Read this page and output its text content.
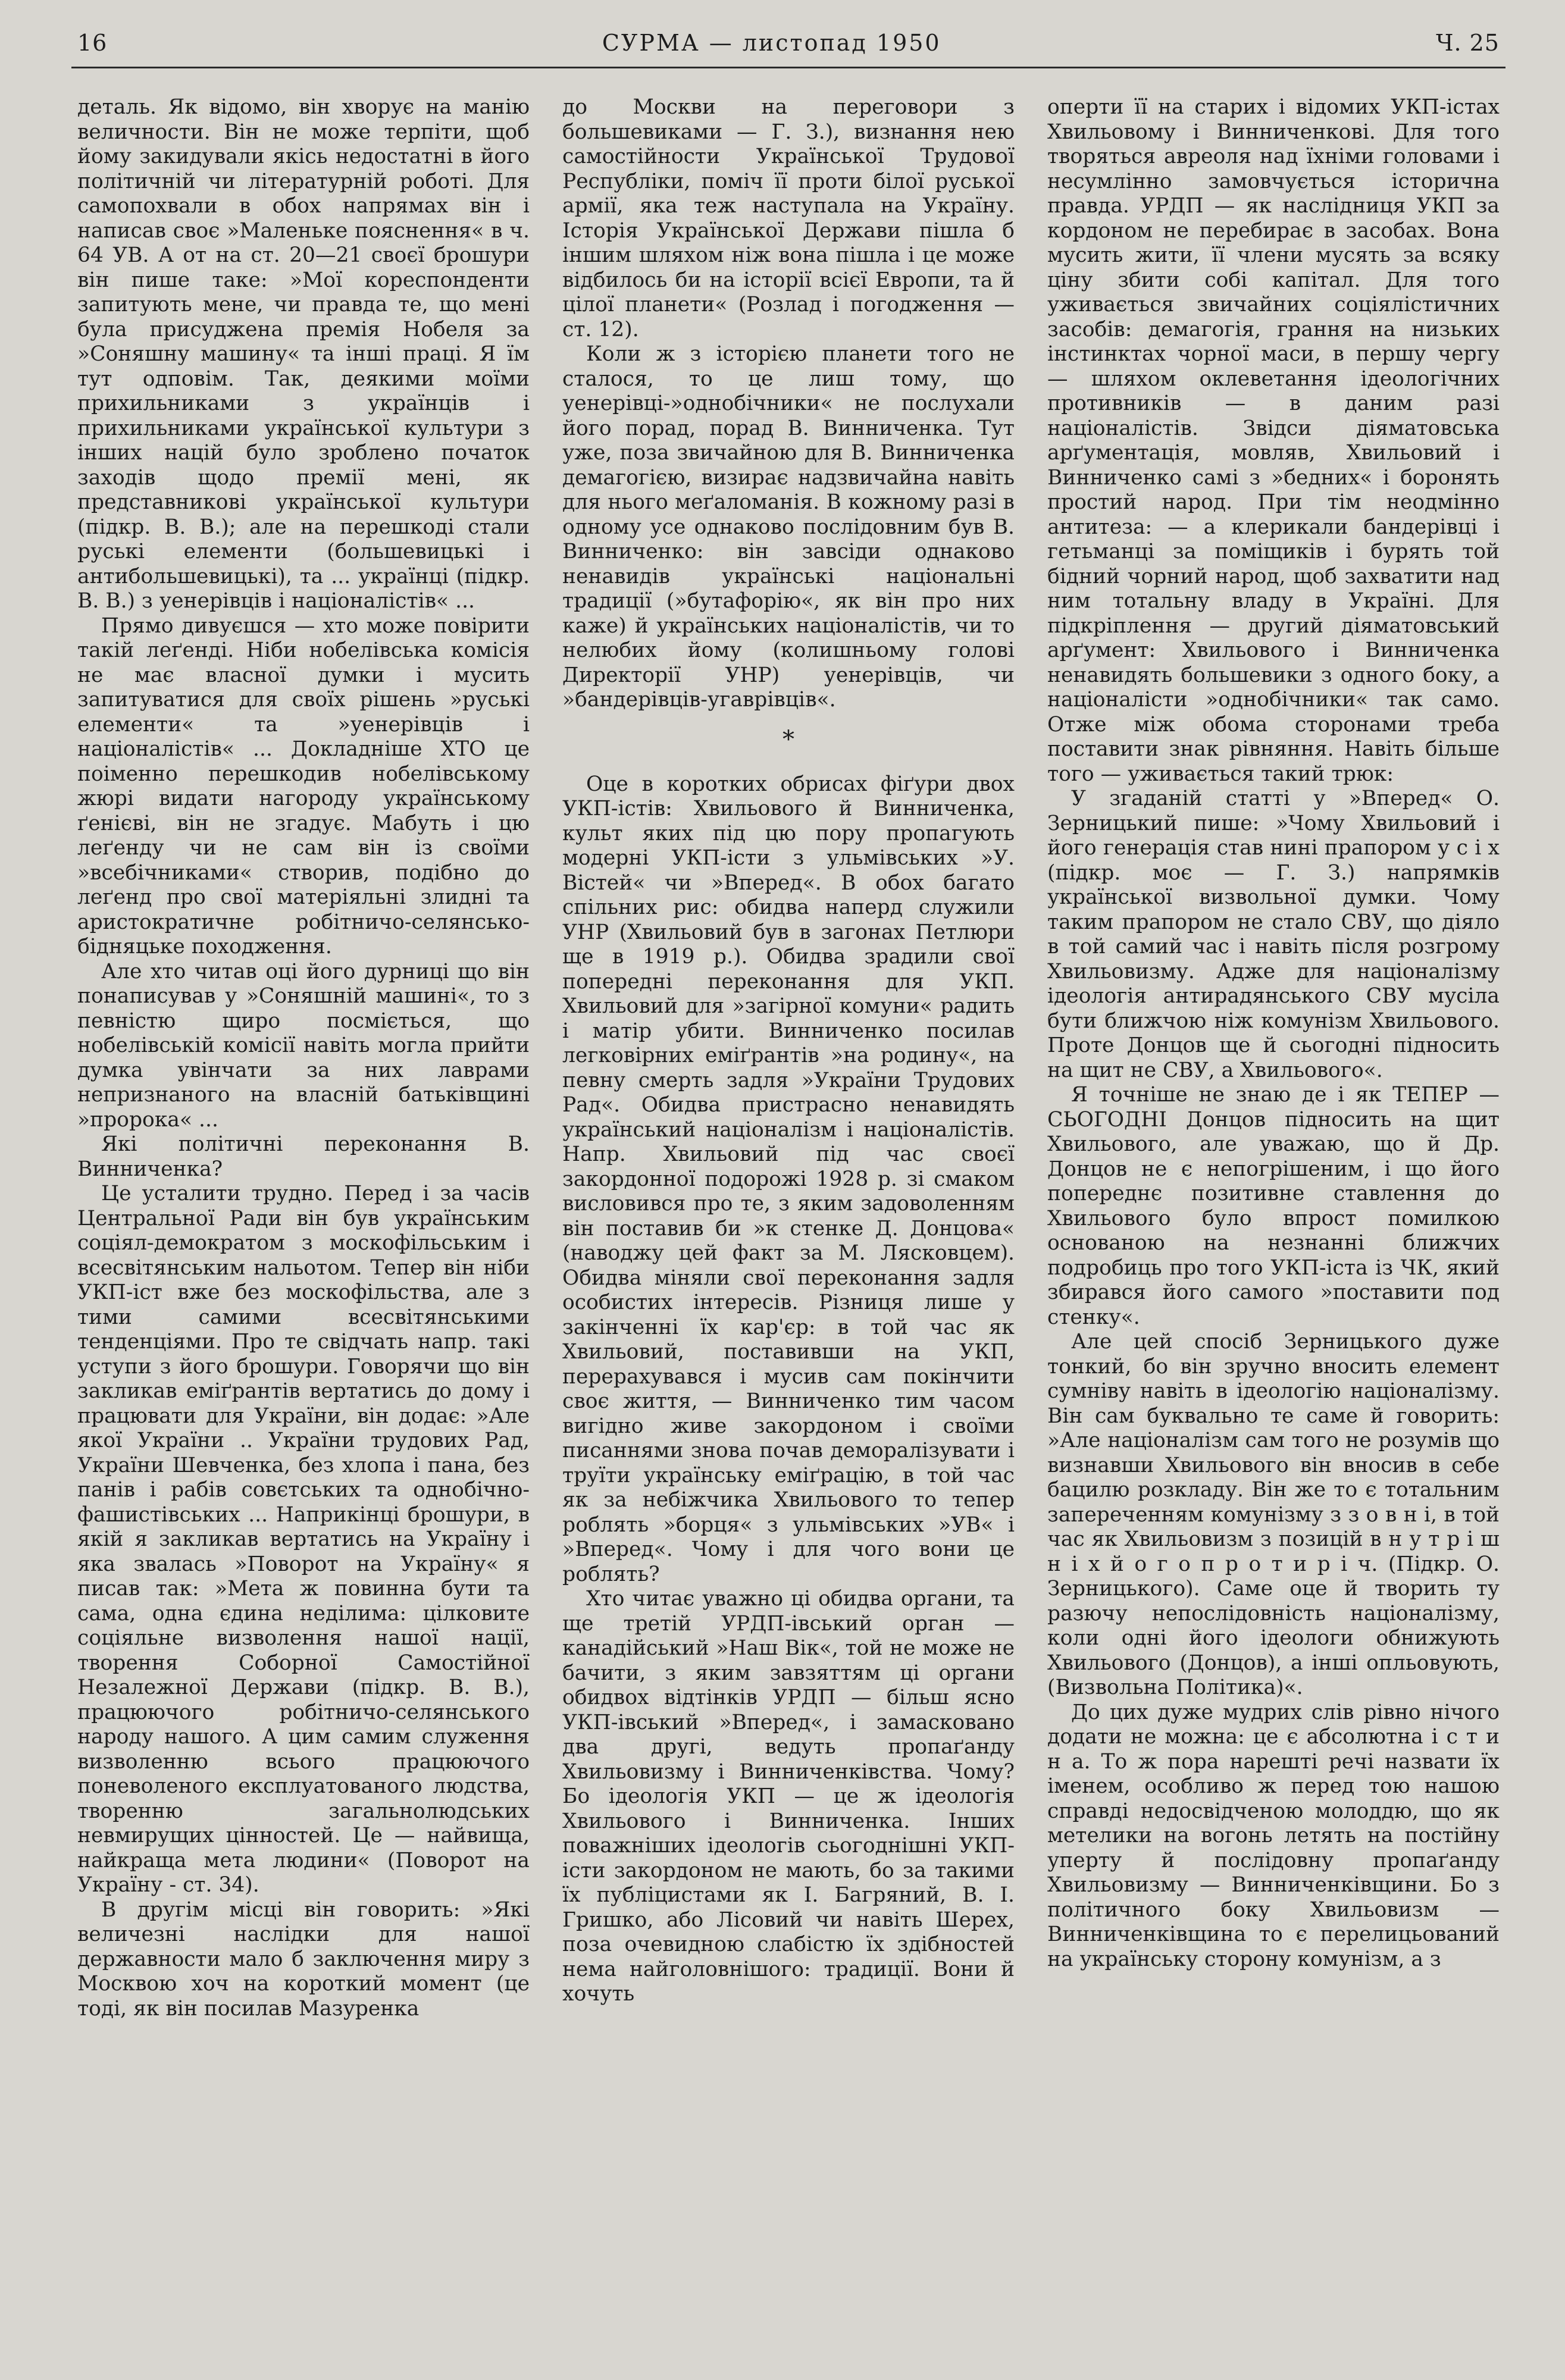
16	СУРМА — листопад 1950	Ч. 25

деталь. Як відомо, він хворує на манію величности. Він не може терпіти, щоб йому закидували якісь недостатні в його політичній чи літературній роботі. Для самопохвали в обох напрямах він і написав своє »Маленьке пояснення« в ч. 64 УВ. А от на ст. 20—21 своєї брошури він пише таке: »Мої кореспонденти запитують мене, чи правда те, що мені була присуджена премія Нобеля за »Соняшну машину« та інші праці. Я їм тут одповім. Так, деякими моїми прихильниками з українців і прихильниками української культури з інших націй було зроблено початок заходів щодо премії мені, як представникові української культури (підкр. В. В.); але на перешкоді стали руські елементи (большевицькі і антибольшевицькі), та ... українці (підкр. В. В.) з уенерівців і націоналістів« ...

Прямо дивуєшся — хто може повірити такій леґенді. Ніби нобелівська комісія не має власної думки і мусить запитуватися для своїх рішень »руські елементи« та »уенерівців і націоналістів« ... Докладніше ХТО це поіменно перешкодив нобелівському жюрі видати нагороду українському ґенієві, він не згадує. Мабуть і цю леґенду чи не сам він із своїми »всебічниками« створив, подібно до леґенд про свої матеріяльні злидні та аристократичне робітничо-селянсько-бідняцьке походження.

Але хто читав оці його дурниці що він понаписував у »Соняшній машині«, то з певністю щиро посміється, що нобелівській комісії навіть могла прийти думка увінчати за них лаврами непризнаного на власній батьківщині »пророка« ...

Які політичні переконання В. Винниченка?

Це усталити трудно. Перед і за часів Центральної Ради він був українським соціял-демократом з москофільським і всесвітянським нальотом. Тепер він ніби УКП-іст вже без москофільства, але з тими самими всесвітянськими тенденціями. Про те свідчать напр. такі уступи з його брошури. Говорячи що він закликав еміґрантів вертатись до дому і працювати для України, він додає: »Але якої України .. України трудових Рад, України Шевченка, без хлопа і пана, без панів і рабів совєтських та однобічно-фашистівських ... Наприкінці брошури, в якій я закликав вертатись на Україну і яка звалась »Поворот на Україну« я писав так: »Мета ж повинна бути та сама, одна єдина неділима: цілковите соціяльне визволення нашої нації, творення Соборної Самостійної Незалежної Держави (підкр. В. В.), працюючого робітничо-селянського народу нашого. А цим самим служення визволенню всього працюючого поневоленого експлуатованого людства, творенню загальнолюдських невмирущих цінностей. Це — найвища, найкраща мета людини« (Поворот на Україну - ст. 34).

В другім місці він говорить: »Які величезні наслідки для нашої державности мало б заключення миру з Москвою хоч на короткий момент (це тоді, як він посилав Мазуренка

до Москви на переговори з большевиками — Г. З.), визнання нею самостійности Української Трудової Республіки, поміч її проти білої руської армії, яка теж наступала на Україну. Історія Української Держави пішла б іншим шляхом ніж вона пішла і це може відбилось би на історії всієї Европи, та й цілої планети« (Розлад і погодження — ст. 12).

Коли ж з історією планети того не сталося, то це лиш тому, що уенерівці-»однобічники« не послухали його порад, порад В. Винниченка. Тут уже, поза звичайною для В. Винниченка демагогією, визирає надзвичайна навіть для нього меґаломанія. В кожному разі в одному усе однаково послідовним був В. Винниченко: він завсіди однаково ненавидів українські національні традиції (»бутафорію«, як він про них каже) й українських націоналістів, чи то нелюбих йому (колишньому голові Директорії УНР) уенерівців, чи »бандерівців-угаврівців«.

*

Оце в коротких обрисах фіґури двох УКП-істів: Хвильового й Винниченка, культ яких під цю пору пропагують модерні УКП-істи з ульмівських »У. Вістей« чи »Вперед«. В обох багато спільних рис: обидва наперд служили УНР (Хвильовий був в загонах Петлюри ще в 1919 р.). Обидва зрадили свої попередні переконання для УКП. Хвильовий для »загірної комуни« радить і матір убити. Винниченко посилав легковірних еміґрантів »на родину«, на певну смерть задля »України Трудових Рад«. Обидва пристрасно ненавидять український націоналізм і націоналістів. Напр. Хвильовий під час своєї закордонної подорожі 1928 р. зі смаком висловився про те, з яким задоволенням він поставив би »к стенке Д. Донцова« (наводжу цей факт за М. Лясковцем). Обидва міняли свої переконання задля особистих інтересів. Різниця лише у закінченні їх кар'єр: в той час як Хвильовий, поставивши на УКП, перерахувався і мусив сам покінчити своє життя, — Винниченко тим часом вигідно живе закордоном і своїми писаннями знова почав деморалізувати і труїти українську еміґрацію, в той час як за небіжчика Хвильового то тепер роблять »борця« з ульмівських »УВ« і »Вперед«. Чому і для чого вони це роблять?

Хто читає уважно ці обидва органи, та ще третій УРДП-івський орган — канадійський »Наш Вік«, той не може не бачити, з яким завзяттям ці органи обидвох відтінків УРДП — більш ясно УКП-івський »Вперед«, і замасковано два другі, ведуть пропаґанду Хвильовизму і Винниченківства. Чому? Бо ідеологія УКП — це ж ідеологія Хвильового і Винниченка. Інших поважніших ідеологів сьогоднішні УКП-істи закордоном не мають, бо за такими їх публіцистами як І. Багряний, В. І. Гришко, або Лісовий чи навіть Шерех, поза очевидною слабістю їх здібностей нема найголовнішого: традиції. Вони й хочуть

оперти її на старих і відомих УКП-істах Хвильовому і Винниченкові. Для того творяться авреоля над їхніми головами і несумлінно замовчується історична правда. УРДП — як наслідниця УКП за кордоном не перебирає в засобах. Вона мусить жити, її члени мусять за всяку ціну збити собі капітал. Для того уживається звичайних соціялістичних засобів: демагогія, грання на низьких інстинктах чорної маси, в першу чергу — шляхом оклеветання ідеологічних противників — в даним разі націоналістів. Звідси діяматовська арґументація, мовляв, Хвильовий і Винниченко самі з »бедних« і боронять простий народ. При тім неодмінно антитеза: — а клерикали бандерівці і гетьманці за поміщиків і бурять той бідний чорний народ, щоб захватити над ним тотальну владу в Україні. Для підкріплення — другий діяматовський арґумент: Хвильового і Винниченка ненавидять большевики з одного боку, а націоналісти »однобічники« так само. Отже між обома сторонами треба поставити знак рівняння. Навіть більше того — уживається такий трюк:

У згаданій статті у »Вперед« О. Зерницький пише: »Чому Хвильовий і його генерація став нині прапором у с і х (підкр. моє — Г. З.) напрямків української визвольної думки. Чому таким прапором не стало СВУ, що діяло в той самий час і навіть після розгрому Хвильовизму. Адже для націоналізму ідеологія антирадянського СВУ мусіла бути ближчою ніж комунізм Хвильового. Проте Донцов ще й сьогодні підносить на щит не СВУ, а Хвильового«.

Я точніше не знаю де і як ТЕПЕР — СЬОГОДНІ Донцов підносить на щит Хвильового, але уважаю, що й Др. Донцов не є непогрішеним, і що його попереднє позитивне ставлення до Хвильового було впрост помилкою основаною на незнанні ближчих подробиць про того УКП-іста із ЧК, який збирався його самого »поставити под стенку«.

Але цей спосіб Зерницького дуже тонкий, бо він зручно вносить елемент сумніву навіть в ідеологію націоналізму. Він сам буквально те саме й говорить: »Але націоналізм сам того не розумів що визнавши Хвильового він вносив в себе бацилю розкладу. Він же то є тотальним запереченням комунізму з з о в н і, в той час як Хвильовизм з позицій в н у т р і ш н і х й о г о п р о т и р і ч. (Підкр. О. Зерницького). Саме оце й творить ту разючу непослідовність націоналізму, коли одні його ідеологи обнижують Хвильового (Донцов), а інші опльовують, (Визвольна Політика)«.

До цих дуже мудрих слів рівно нічого додати не можна: це є абсолютна і с т и н а. То ж пора нарешті речі назвати їх іменем, особливо ж перед тою нашою справді недосвідченою молоддю, що як метелики на вогонь летять на постійну уперту й послідовну пропаґанду Хвильовизму — Винниченківщини. Бо з політичного боку Хвильовизм — Винниченківщина то є перелицьований на українську сторону комунізм, а з
